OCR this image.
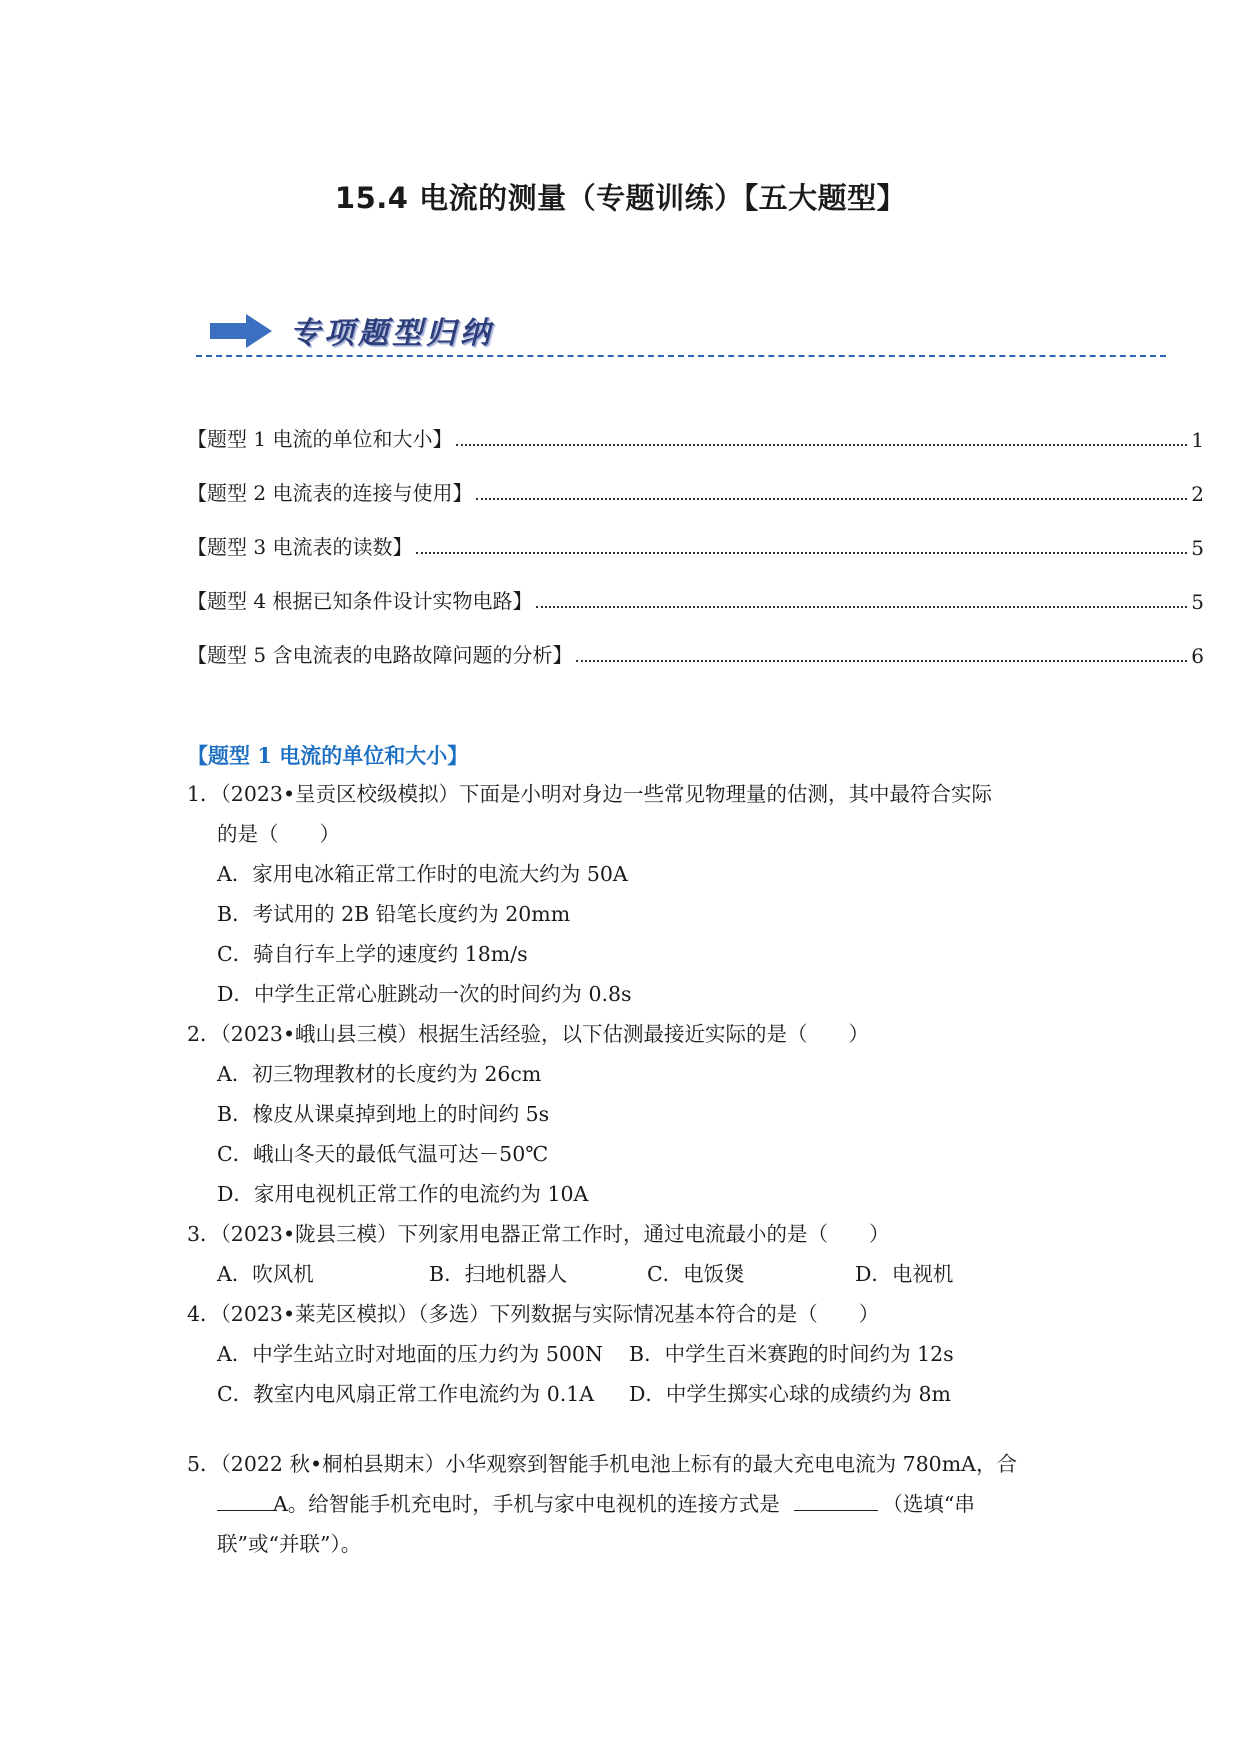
15.4 电流的测量（专题训练）【五大题型】
专项题型归纳
【题型 1 电流的单位和大小】	1
【题型 2 电流表的连接与使用】	2
【题型 3 电流表的读数】	5
【题型 4 根据已知条件设计实物电路】	5
【题型 5 含电流表的电路故障问题的分析】	6
【题型 1 电流的单位和大小】
1．（2023•呈贡区校级模拟）下面是小明对身边一些常见物理量的估测，其中最符合实际
的是（　　）
A．家用电冰箱正常工作时的电流大约为 50A
B．考试用的 2B 铅笔长度约为 20mm
C．骑自行车上学的速度约 18m/s
D．中学生正常心脏跳动一次的时间约为 0.8s
2．（2023•峨山县三模）根据生活经验，以下估测最接近实际的是（　　）
A．初三物理教材的长度约为 26cm
B．橡皮从课桌掉到地上的时间约 5s
C．峨山冬天的最低气温可达－50℃
D．家用电视机正常工作的电流约为 10A
3．（2023•陇县三模）下列家用电器正常工作时，通过电流最小的是（　　）
A．吹风机	B．扫地机器人	C．电饭煲	D．电视机
4．（2023•莱芜区模拟）（多选）下列数据与实际情况基本符合的是（　　）
A．中学生站立时对地面的压力约为 500N	B．中学生百米赛跑的时间约为 12s
C．教室内电风扇正常工作电流约为 0.1A	D．中学生掷实心球的成绩约为 8m
5．（2022 秋•桐柏县期末）小华观察到智能手机电池上标有的最大充电电流为 780mA，合
A。给智能手机充电时，手机与家中电视机的连接方式是	（选填“串
联”或“并联”）。
